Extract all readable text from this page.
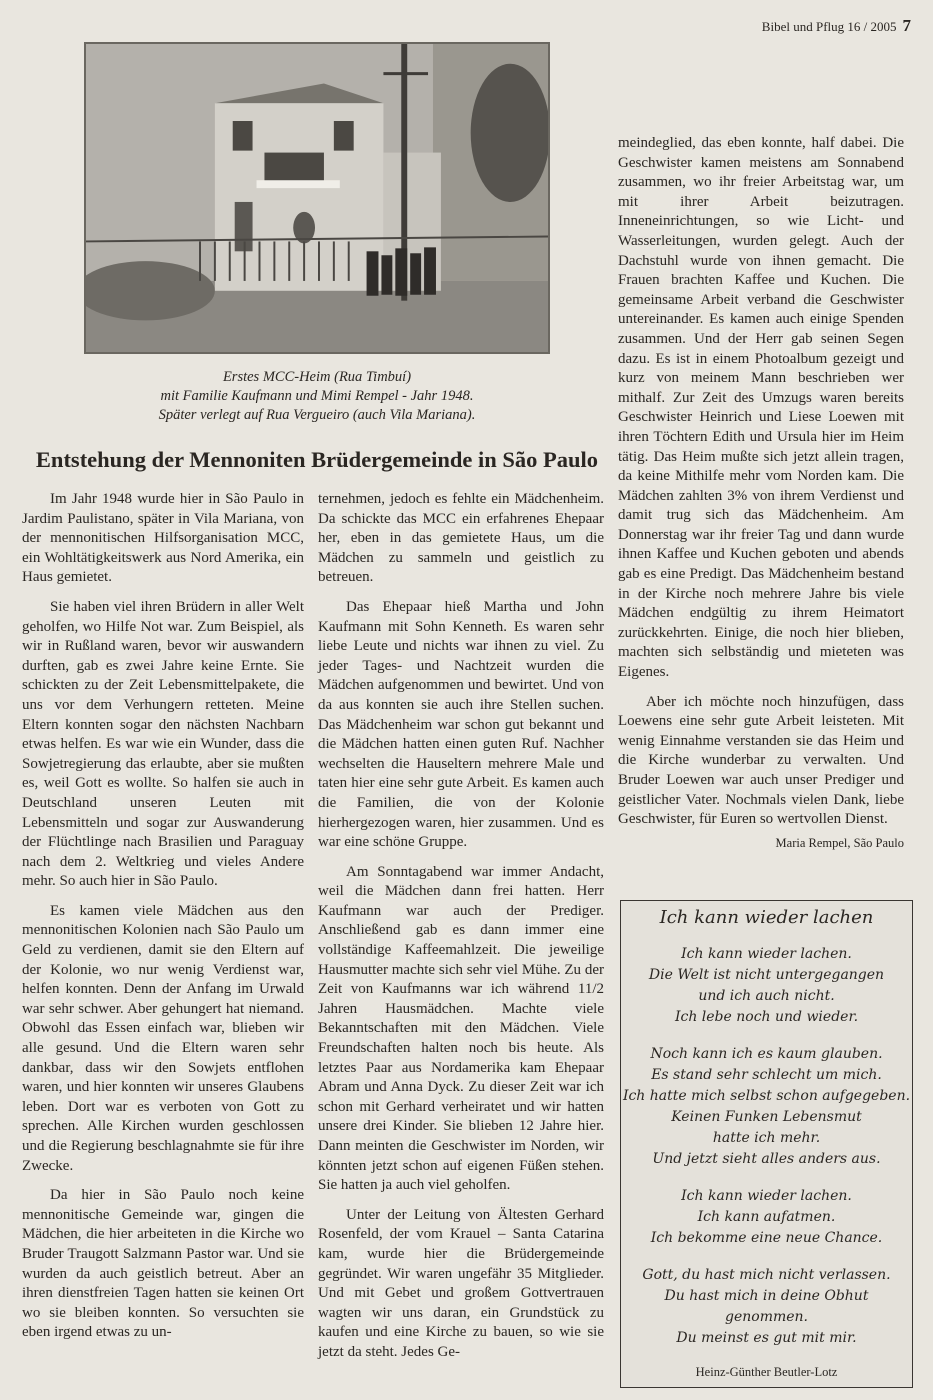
Bibel und Pflug 16 / 2005 7
Erstes MCC-Heim (Rua Timbuí)
mit Familie Kaufmann und Mimi Rempel - Jahr 1948.
Später verlegt auf Rua Vergueiro (auch Vila Mariana).
Entstehung der Mennoniten Brüdergemeinde in São Paulo

Im Jahr 1948 wurde hier in São Paulo in Jardim Paulistano, später in Vila Mariana, von der mennonitischen Hilfsorganisation MCC, ein Wohltätigkeitswerk aus Nord Amerika, ein Haus gemietet.

Sie haben viel ihren Brüdern in aller Welt geholfen, wo Hilfe Not war. Zum Beispiel, als wir in Rußland waren, bevor wir auswandern durften, gab es zwei Jahre keine Ernte. Sie schickten zu der Zeit Lebensmittelpakete, die uns vor dem Verhungern retteten. Meine Eltern konnten sogar den nächsten Nachbarn etwas helfen. Es war wie ein Wunder, dass die Sowjetregierung das erlaubte, aber sie mußten es, weil Gott es wollte. So halfen sie auch in Deutschland unseren Leuten mit Lebensmitteln und sogar zur Auswanderung der Flüchtlinge nach Brasilien und Paraguay nach dem 2. Weltkrieg und vieles Andere mehr. So auch hier in São Paulo.

Es kamen viele Mädchen aus den mennonitischen Kolonien nach São Paulo um Geld zu verdienen, damit sie den Eltern auf der Kolonie, wo nur wenig Verdienst war, helfen konnten. Denn der Anfang im Urwald war sehr schwer. Aber gehungert hat niemand. Obwohl das Essen einfach war, blieben wir alle gesund. Und die Eltern waren sehr dankbar, dass wir den Sowjets entflohen waren, und hier konnten wir unseres Glaubens leben. Dort war es verboten von Gott zu sprechen. Alle Kirchen wurden geschlossen und die Regierung beschlagnahmte sie für ihre Zwecke.

Da hier in São Paulo noch keine mennonitische Gemeinde war, gingen die Mädchen, die hier arbeiteten in die Kirche wo Bruder Traugott Salzmann Pastor war. Und sie wurden da auch geistlich betreut. Aber an ihren dienstfreien Tagen hatten sie keinen Ort wo sie bleiben konnten. So versuchten sie eben irgend etwas zu un-

ternehmen, jedoch es fehlte ein Mädchenheim. Da schickte das MCC ein erfahrenes Ehepaar her, eben in das gemietete Haus, um die Mädchen zu sammeln und geistlich zu betreuen.

Das Ehepaar hieß Martha und John Kaufmann mit Sohn Kenneth. Es waren sehr liebe Leute und nichts war ihnen zu viel. Zu jeder Tages- und Nachtzeit wurden die Mädchen aufgenommen und bewirtet. Und von da aus konnten sie auch ihre Stellen suchen. Das Mädchenheim war schon gut bekannt und die Mädchen hatten einen guten Ruf. Nachher wechselten die Hauseltern mehrere Male und taten hier eine sehr gute Arbeit. Es kamen auch die Familien, die von der Kolonie hierhergezogen waren, hier zusammen. Und es war eine schöne Gruppe.

Am Sonntagabend war immer Andacht, weil die Mädchen dann frei hatten. Herr Kaufmann war auch der Prediger. Anschließend gab es dann immer eine vollständige Kaffeemahlzeit. Die jeweilige Hausmutter machte sich sehr viel Mühe. Zu der Zeit von Kaufmanns war ich während 11/2 Jahren Hausmädchen. Machte viele Bekanntschaften mit den Mädchen. Viele Freundschaften halten noch bis heute. Als letztes Paar aus Nordamerika kam Ehepaar Abram und Anna Dyck. Zu dieser Zeit war ich schon mit Gerhard verheiratet und wir hatten unsere drei Kinder. Sie blieben 12 Jahre hier. Dann meinten die Geschwister im Norden, wir könnten jetzt schon auf eigenen Füßen stehen. Sie hatten ja auch viel geholfen.

Unter der Leitung von Ältesten Gerhard Rosenfeld, der vom Krauel – Santa Catarina kam, wurde hier die Brüdergemeinde gegründet. Wir waren ungefähr 35 Mitglieder. Und mit Gebet und großem Gottvertrauen wagten wir uns daran, ein Grundstück zu kaufen und eine Kirche zu bauen, so wie sie jetzt da steht. Jedes Ge-

meindeglied, das eben konnte, half dabei. Die Geschwister kamen meistens am Sonnabend zusammen, wo ihr freier Arbeitstag war, um mit ihrer Arbeit beizutragen. Inneneinrichtungen, so wie Licht- und Wasserleitungen, wurden gelegt. Auch der Dachstuhl wurde von ihnen gemacht. Die Frauen brachten Kaffee und Kuchen. Die gemeinsame Arbeit verband die Geschwister untereinander. Es kamen auch einige Spenden zusammen. Und der Herr gab seinen Segen dazu. Es ist in einem Photoalbum gezeigt und kurz von meinem Mann beschrieben wer mithalf. Zur Zeit des Umzugs waren bereits Geschwister Heinrich und Liese Loewen mit ihren Töchtern Edith und Ursula hier im Heim tätig. Das Heim mußte sich jetzt allein tragen, da keine Mithilfe mehr vom Norden kam. Die Mädchen zahlten 3% von ihrem Verdienst und damit trug sich das Mädchenheim. Am Donnerstag war ihr freier Tag und dann wurde ihnen Kaffee und Kuchen geboten und abends gab es eine Predigt. Das Mädchenheim bestand in der Kirche noch mehrere Jahre bis viele Mädchen endgültig zu ihrem Heimatort zurückkehrten. Einige, die noch hier blieben, machten sich selbständig und mieteten was Eigenes.

Aber ich möchte noch hinzufügen, dass Loewens eine sehr gute Arbeit leisteten. Mit wenig Einnahme verstanden sie das Heim und die Kirche wunderbar zu verwalten. Und Bruder Loewen war auch unser Prediger und geistlicher Vater. Nochmals vielen Dank, liebe Geschwister, für Euren so wertvollen Dienst.

Maria Rempel, São Paulo
Ich kann wieder lachen
Ich kann wieder lachen.
Die Welt ist nicht untergegangen
und ich auch nicht.
Ich lebe noch und wieder.
Noch kann ich es kaum glauben.
Es stand sehr schlecht um mich.
Ich hatte mich selbst schon aufgegeben.
Keinen Funken Lebensmut
hatte ich mehr.
Und jetzt sieht alles anders aus.
Ich kann wieder lachen.
Ich kann aufatmen.
Ich bekomme eine neue Chance.
Gott, du hast mich nicht verlassen.
Du hast mich in deine Obhut
genommen.
Du meinst es gut mit mir.
Heinz-Günther Beutler-Lotz
